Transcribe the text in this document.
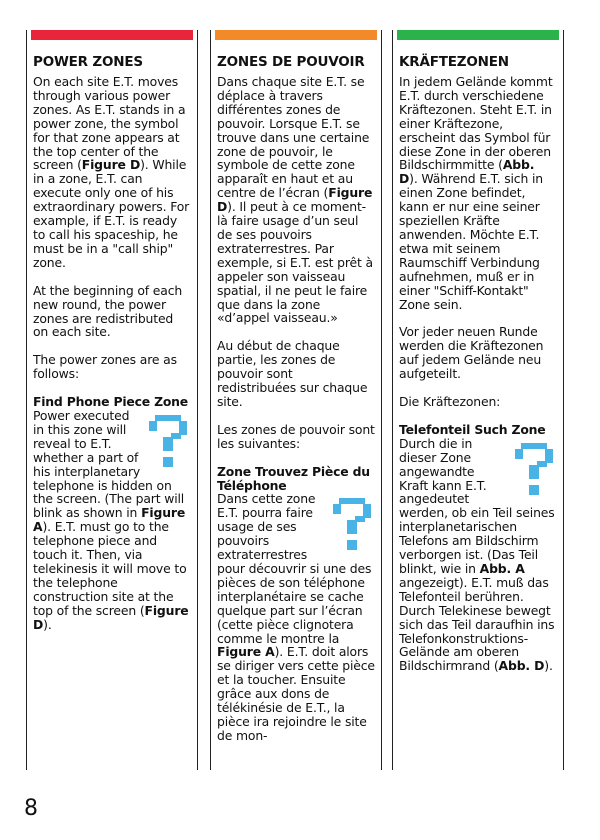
POWER ZONES

On each site E.T. moves through various power zones. As E.T. stands in a power zone, the symbol for that zone appears at the top center of the screen (Figure D). While in a zone, E.T. can execute only one of his extraordinary powers. For example, if E.T. is ready to call his spaceship, he must be in a "call ship" zone.

At the beginning of each new round, the power zones are redistributed on each site.

The power zones are as follows:

Find Phone Piece Zone

Power executed in this zone will reveal to E.T. whether a part of his interplanetary telephone is hidden on the screen. (The part will blink as shown in Figure A). E.T. must go to the telephone piece and touch it. Then, via telekinesis it will move to the telephone construction site at the top of the screen (Figure D).

ZONES DE POUVOIR

Dans chaque site E.T. se déplace à travers différentes zones de pouvoir. Lorsque E.T. se trouve dans une certaine zone de pouvoir, le symbole de cette zone apparaît en haut et au centre de l’écran (Figure D). Il peut à ce moment-là faire usage d’un seul de ses pouvoirs extraterrestres. Par exemple, si E.T. est prêt à appeler son vaisseau spatial, il ne peut le faire que dans la zone «d’appel vaisseau.»

Au début de chaque partie, les zones de pouvoir sont redistribuées sur chaque site.

Les zones de pouvoir sont les suivantes:

Zone Trouvez Pièce du Téléphone

Dans cette zone E.T. pourra faire usage de ses pouvoirs extraterrestres pour découvrir si une des pièces de son téléphone interplanétaire se cache quelque part sur l’écran (cette pièce clignotera comme le montre la Figure A). E.T. doit alors se diriger vers cette pièce et la toucher. Ensuite grâce aux dons de télékinésie de E.T., la pièce ira rejoindre le site de mon-

KRÄFTEZONEN

In jedem Gelände kommt E.T. durch verschiedene Kräftezonen. Steht E.T. in einer Kräftezone, erscheint das Symbol für diese Zone in der oberen Bildschirmmitte (Abb. D). Während E.T. sich in einen Zone befindet, kann er nur eine seiner speziellen Kräfte anwenden. Möchte E.T. etwa mit seinem Raumschiff Verbindung aufnehmen, muß er in einer "Schiff-Kontakt" Zone sein.

Vor jeder neuen Runde werden die Kräftezonen auf jedem Gelände neu aufgeteilt.

Die Kräftezonen:

Telefonteil Such Zone

Durch die in dieser Zone angewandte Kraft kann E.T. angedeutet werden, ob ein Teil seines interplanetarischen Telefons am Bildschirm verborgen ist. (Das Teil blinkt, wie in Abb. A angezeigt). E.T. muß das Telefonteil berühren. Durch Telekinese bewegt sich das Teil daraufhin ins Telefonkonstruktions-Gelände am oberen Bildschirmrand (Abb. D).

8
